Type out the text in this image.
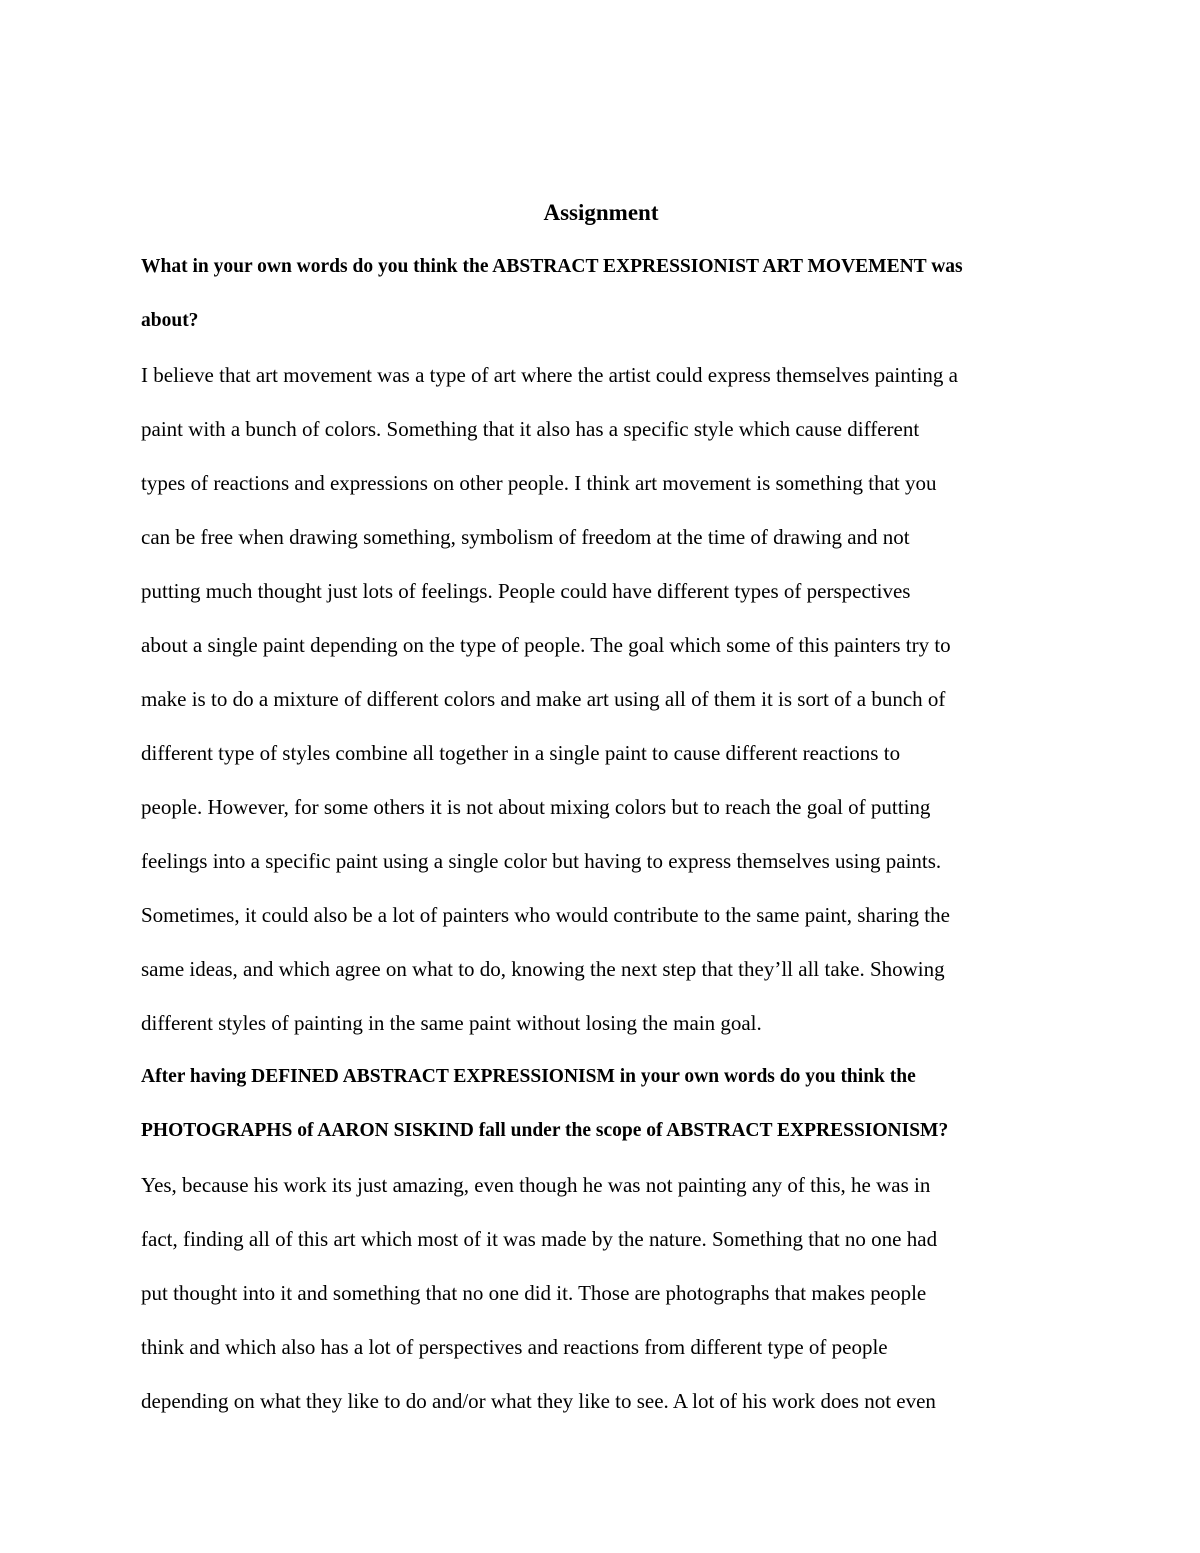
Assignment

What in your own words do you think the ABSTRACT EXPRESSIONIST ART MOVEMENT was
about?

I believe that art movement was a type of art where the artist could express themselves painting a
paint with a bunch of colors. Something that it also has a specific style which cause different
types of reactions and expressions on other people. I think art movement is something that you
can be free when drawing something, symbolism of freedom at the time of drawing and not
putting much thought just lots of feelings. People could have different types of perspectives
about a single paint depending on the type of people. The goal which some of this painters try to
make is to do a mixture of different colors and make art using all of them it is sort of a bunch of
different type of styles combine all together in a single paint to cause different reactions to
people. However, for some others it is not about mixing colors but to reach the goal of putting
feelings into a specific paint using a single color but having to express themselves using paints.
Sometimes, it could also be a lot of painters who would contribute to the same paint, sharing the
same ideas, and which agree on what to do, knowing the next step that they’ll all take. Showing
different styles of painting in the same paint without losing the main goal.

After having DEFINED ABSTRACT EXPRESSIONISM in your own words do you think the
PHOTOGRAPHS of AARON SISKIND fall under the scope of ABSTRACT EXPRESSIONISM?

Yes, because his work its just amazing, even though he was not painting any of this, he was in
fact, finding all of this art which most of it was made by the nature. Something that no one had
put thought into it and something that no one did it. Those are photographs that makes people
think and which also has a lot of perspectives and reactions from different type of people
depending on what they like to do and/or what they like to see. A lot of his work does not even
